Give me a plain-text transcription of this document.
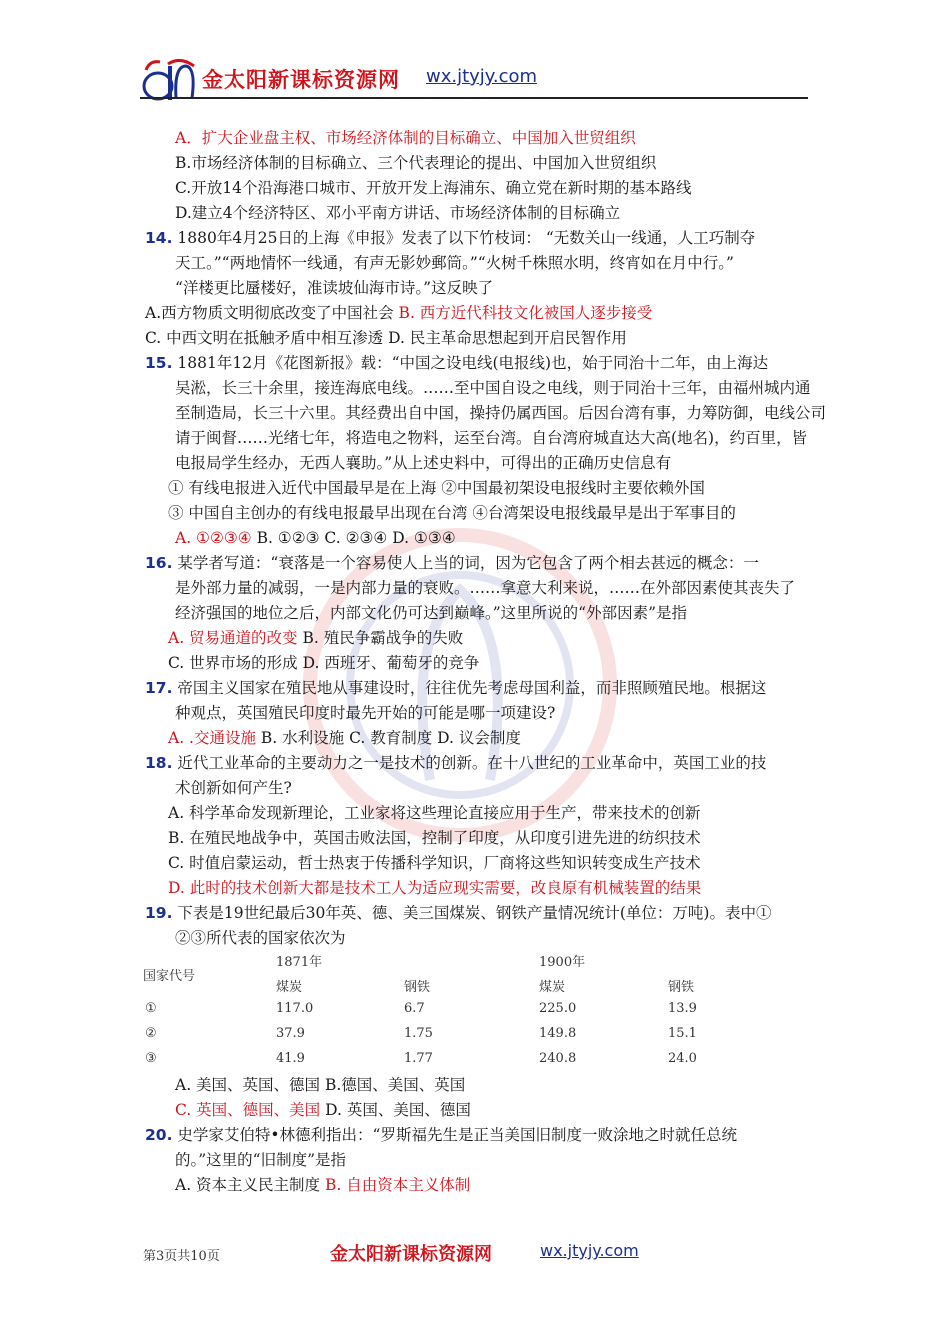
金太阳新课标资源网 wx.jtyjy.com
A．扩大企业盘主权、市场经济体制的目标确立、中国加入世贸组织
B.市场经济体制的目标确立、三个代表理论的提出、中国加入世贸组织
C.开放14个沿海港口城市、开放开发上海浦东、确立党在新时期的基本路线
D.建立4个经济特区、邓小平南方讲话、市场经济体制的目标确立
14. 1880年4月25日的上海《申报》发表了以下竹枝词： “无数关山一线通，人工巧制夺
天工。”“两地情怀一线通，有声无影妙郵筒。”“火树千株照水明，终宵如在月中行。”
“洋楼更比蜃楼好，准读坡仙海市诗。”这反映了
A.西方物质文明彻底改变了中国社会 B. 西方近代科技文化被国人逐步接受
C. 中西文明在抵触矛盾中相互渗透 D. 民主革命思想起到开启民智作用
15. 1881年12月《花图新报》载：“中国之设电线(电报线)也，始于同治十二年，由上海达
吴淞，长三十余里，接连海底电线。……至中国自设之电线，则于同治十三年，由福州城内通
至制造局，长三十六里。其经费出自中国，操持仍属西国。后因台湾有事，力筹防御，电线公司
请于闽督……光绪七年，将造电之物料，运至台湾。自台湾府城直达大高(地名)，约百里，皆
电报局学生经办，无西人襄助。”从上述史料中，可得出的正确历史信息有
① 有线电报进入近代中国最早是在上海 ②中国最初架设电报线时主要依赖外国
③ 中国自主创办的有线电报最早出现在台湾 ④台湾架设电报线最早是出于军事目的
A. ①②③④ B. ①②③ C. ②③④ D. ①③④
16. 某学者写道：“衰落是一个容易使人上当的词，因为它包含了两个相去甚远的概念：一
是外部力量的减弱，一是内部力量的衰败。……拿意大利来说，……在外部因素使其丧失了
经济强国的地位之后，内部文化仍可达到巅峰。”这里所说的“外部因素”是指
A. 贸易通道的改变 B. 殖民争霸战争的失败
C. 世界市场的形成 D. 西班牙、葡萄牙的竞争
17. 帝国主义国家在殖民地从事建设时，往往优先考虑母国利益，而非照顾殖民地。根据这
种观点，英国殖民印度时最先开始的可能是哪一项建设?
A. .交通设施 B. 水利设施 C. 教育制度 D. 议会制度
18. 近代工业革命的主要动力之一是技术的创新。在十八世纪的工业革命中，英国工业的技
术创新如何产生?
A. 科学革命发现新理论，工业家将这些理论直接应用于生产，带来技术的创新
B. 在殖民地战争中，英国击败法国，控制了印度，从印度引进先进的纺织技术
C. 时值启蒙运动，哲士热衷于传播科学知识，厂商将这些知识转变成生产技术
D. 此时的技术创新大都是技术工人为适应现实需要，改良原有机械装置的结果
19. 下表是19世纪最后30年英、德、美三国煤炭、钢铁产量情况统计(单位：万吨)。表中①
②③所代表的国家依次为
A. 美国、英国、德国 B.德国、美国、英国
C. 英国、德国、美国 D. 英国、美国、德国
20. 史学家艾伯特•林德利指出：“罗斯福先生是正当美国旧制度一败涂地之时就任总统
的。”这里的“旧制度”是指
A. 资本主义民主制度 B. 自由资本主义体制
国家代号
1871年	1900年
煤炭	钢铁	煤炭	钢铁
①	117.0	6.7	225.0	13.9
②	37.9	1.75	149.8	15.1
③	41.9	1.77	240.8	24.0
第3页共10页	金太阳新课标资源网	wx.jtyjy.com
